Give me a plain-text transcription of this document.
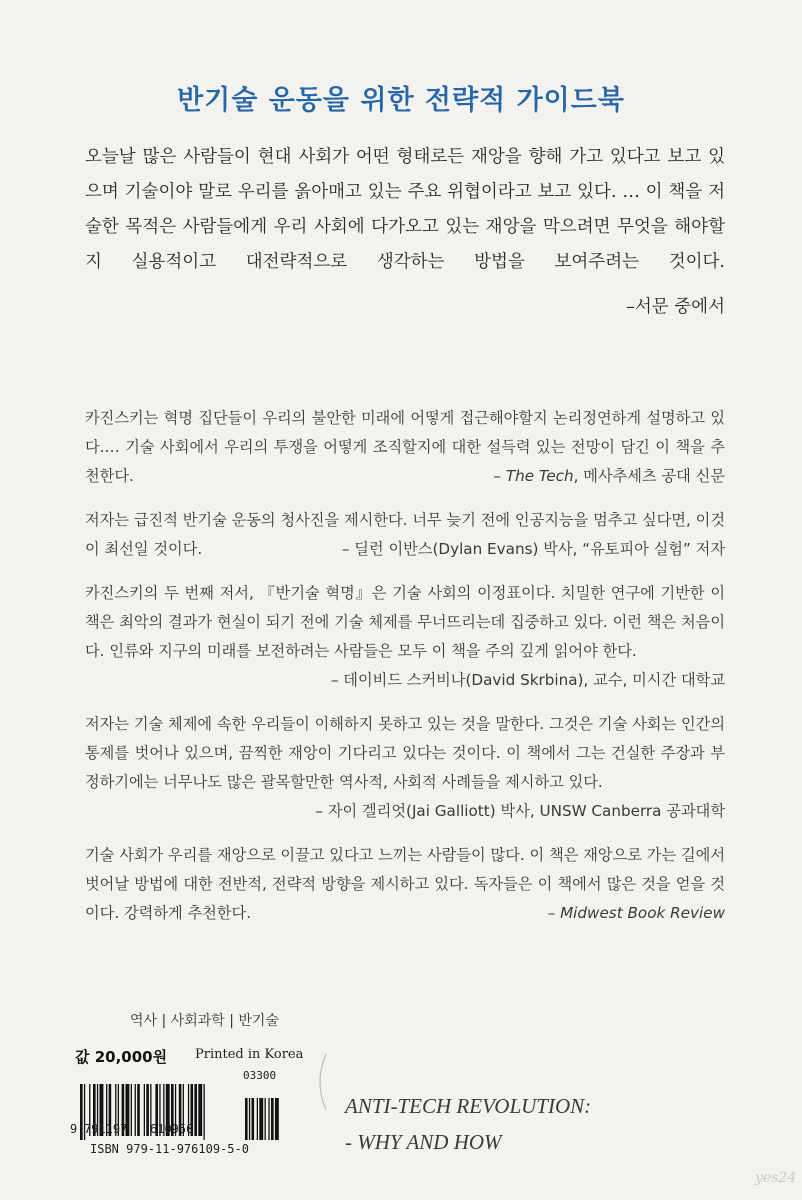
반기술 운동을 위한 전략적 가이드북
오늘날 많은 사람들이 현대 사회가 어떤 형태로든 재앙을 향해 가고 있다고 보고 있으며 기술이야 말로 우리를 옭아매고 있는 주요 위협이라고 보고 있다. … 이 책을 저술한 목적은 사람들에게 우리 사회에 다가오고 있는 재앙을 막으려면 무엇을 해야할지 실용적이고 대전략적으로 생각하는 방법을 보여주려는 것이다.
–서문 중에서
카진스키는 혁명 집단들이 우리의 불안한 미래에 어떻게 접근해야할지 논리정연하게 설명하고 있다.… 기술 사회에서 우리의 투쟁을 어떻게 조직할지에 대한 설득력 있는 전망이 담긴 이 책을 추천한다.	– The Tech, 메사추세츠 공대 신문
저자는 급진적 반기술 운동의 청사진을 제시한다. 너무 늦기 전에 인공지능을 멈추고 싶다면, 이것이 최선일 것이다.	– 딜런 이반스(Dylan Evans) 박사, “유토피아 실험” 저자
카진스키의 두 번째 저서, 『반기술 혁명』은 기술 사회의 이정표이다. 치밀한 연구에 기반한 이 책은 최악의 결과가 현실이 되기 전에 기술 체제를 무너뜨리는데 집중하고 있다. 이런 책은 처음이다. 인류와 지구의 미래를 보전하려는 사람들은 모두 이 책을 주의 깊게 읽어야 한다.
– 데이비드 스커비나(David Skrbina), 교수, 미시간 대학교
저자는 기술 체제에 속한 우리들이 이해하지 못하고 있는 것을 말한다. 그것은 기술 사회는 인간의 통제를 벗어나 있으며, 끔찍한 재앙이 기다리고 있다는 것이다. 이 책에서 그는 건실한 주장과 부정하기에는 너무나도 많은 괄목할만한 역사적, 사회적 사례들을 제시하고 있다.
– 자이 겔리엇(Jai Galliott) 박사, UNSW Canberra 공과대학
기술 사회가 우리를 재앙으로 이끌고 있다고 느끼는 사람들이 많다. 이 책은 재앙으로 가는 길에서 벗어날 방법에 대한 전반적, 전략적 방향을 제시하고 있다. 독자들은 이 책에서 많은 것을 얻을 것이다. 강력하게 추천한다.	– Midwest Book Review
역사 | 사회과학 | 반기술
값 20,000원 Printed in Korea
03300
9 791197 610950
ISBN 979-11-976109-5-0
ANTI-TECH REVOLUTION:
- WHY AND HOW
yes24
